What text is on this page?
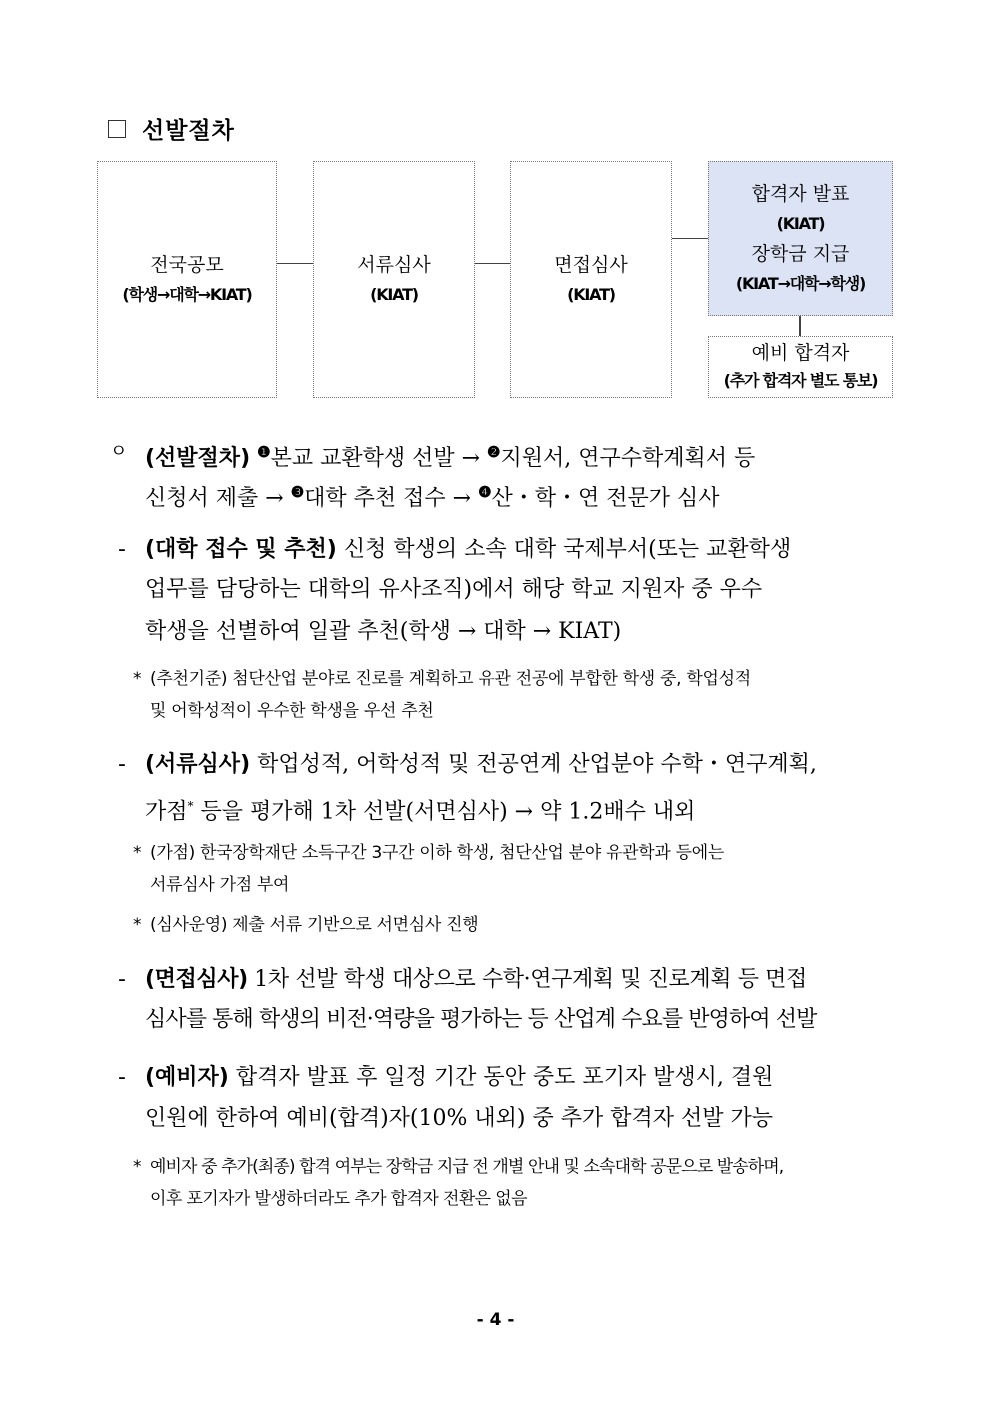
선발절차
전국공모
(학생→대학→KIAT)
서류심사
(KIAT)
면접심사
(KIAT)
합격자 발표
(KIAT)
장학금 지급
(KIAT→대학→학생)
예비 합격자
(추가 합격자 별도 통보)
ㅇ (선발절차) $^❶$본교 교환학생 선발 → $^❷$지원서, 연구수학계획서 등
신청서 제출 → $^❸$대학 추천 접수 → $^❹$산・학・연 전문가 심사
- (대학 접수 및 추천) 신청 학생의 소속 대학 국제부서(또는 교환학생
업무를 담당하는 대학의 유사조직)에서 해당 학교 지원자 중 우수
학생을 선별하여 일괄 추천(학생 → 대학 → KIAT)
* (추천기준) 첨단산업 분야로 진로를 계획하고 유관 전공에 부합한 학생 중, 학업성적
및 어학성적이 우수한 학생을 우선 추천
- (서류심사) 학업성적, 어학성적 및 전공연계 산업분야 수학・연구계획,
가점* 등을 평가해 1차 선발(서면심사) → 약 1.2배수 내외
* (가점) 한국장학재단 소득구간 3구간 이하 학생, 첨단산업 분야 유관학과 등에는
서류심사 가점 부여
* (심사운영) 제출 서류 기반으로 서면심사 진행
- (면접심사) 1차 선발 학생 대상으로 수학·연구계획 및 진로계획 등 면접
심사를 통해 학생의 비전·역량을 평가하는 등 산업계 수요를 반영하여 선발
- (예비자) 합격자 발표 후 일정 기간 동안 중도 포기자 발생시, 결원
인원에 한하여 예비(합격)자(10% 내외) 중 추가 합격자 선발 가능
* 예비자 중 추가(최종) 합격 여부는 장학금 지급 전 개별 안내 및 소속대학 공문으로 발송하며,
이후 포기자가 발생하더라도 추가 합격자 전환은 없음
- 4 -
